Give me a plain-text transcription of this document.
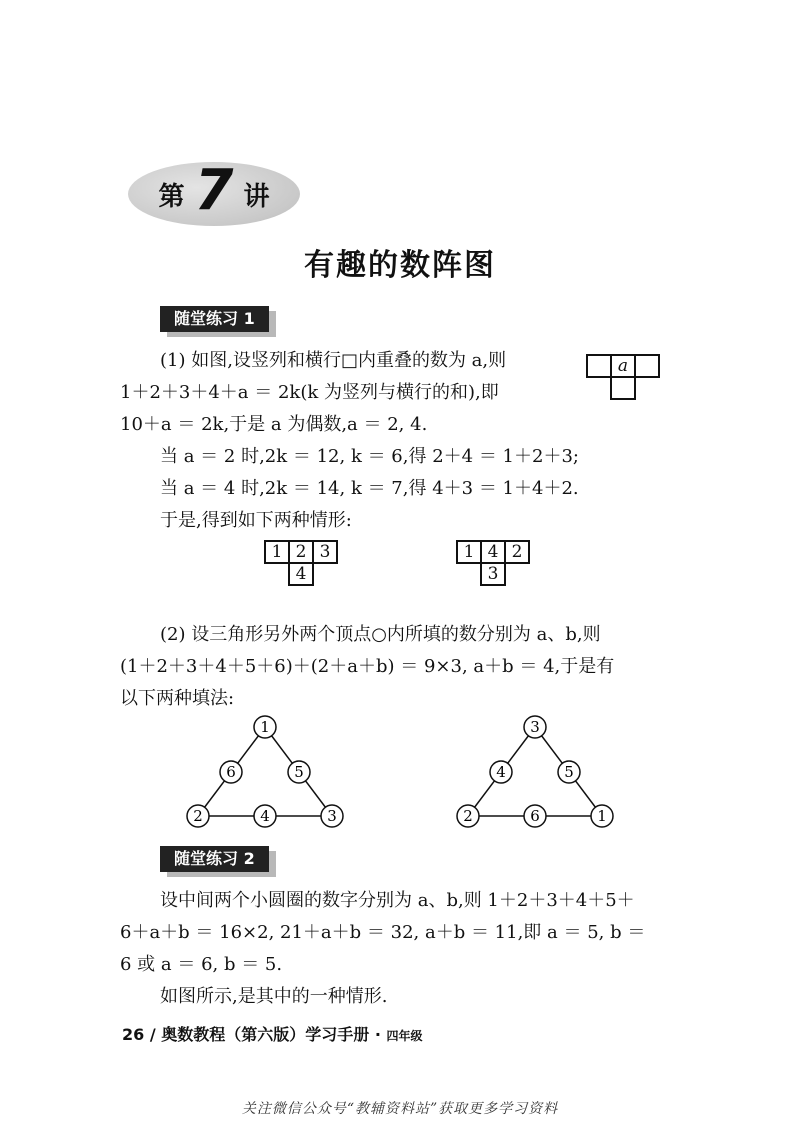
第 7 讲
有趣的数阵图
随堂练习 1
(1) 如图,设竖列和横行□内重叠的数为 a,则
1＋2＋3＋4＋a ＝ 2k(k 为竖列与横行的和),即
10＋a ＝ 2k,于是 a 为偶数,a ＝ 2, 4.
当 a ＝ 2 时,2k ＝ 12, k ＝ 6,得 2＋4 ＝ 1＋2＋3;
当 a ＝ 4 时,2k ＝ 14, k ＝ 7,得 4＋3 ＝ 1＋4＋2.
于是,得到如下两种情形:
a
1 2 3
4
1 4 2
3
(2) 设三角形另外两个顶点○内所填的数分别为 a、b,则
(1＋2＋3＋4＋5＋6)＋(2＋a＋b) ＝ 9×3, a＋b ＝ 4,于是有
以下两种填法:
1
6	5
2	4	3
3
4	5
2	6	1
随堂练习 2
设中间两个小圆圈的数字分别为 a、b,则 1＋2＋3＋4＋5＋
6＋a＋b ＝ 16×2, 21＋a＋b ＝ 32, a＋b ＝ 11,即 a ＝ 5, b ＝
6 或 a ＝ 6, b ＝ 5.
如图所示,是其中的一种情形.
26 / 奥数教程（第六版）学习手册 · 四年级
关注微信公众号“教辅资料站”获取更多学习资料
